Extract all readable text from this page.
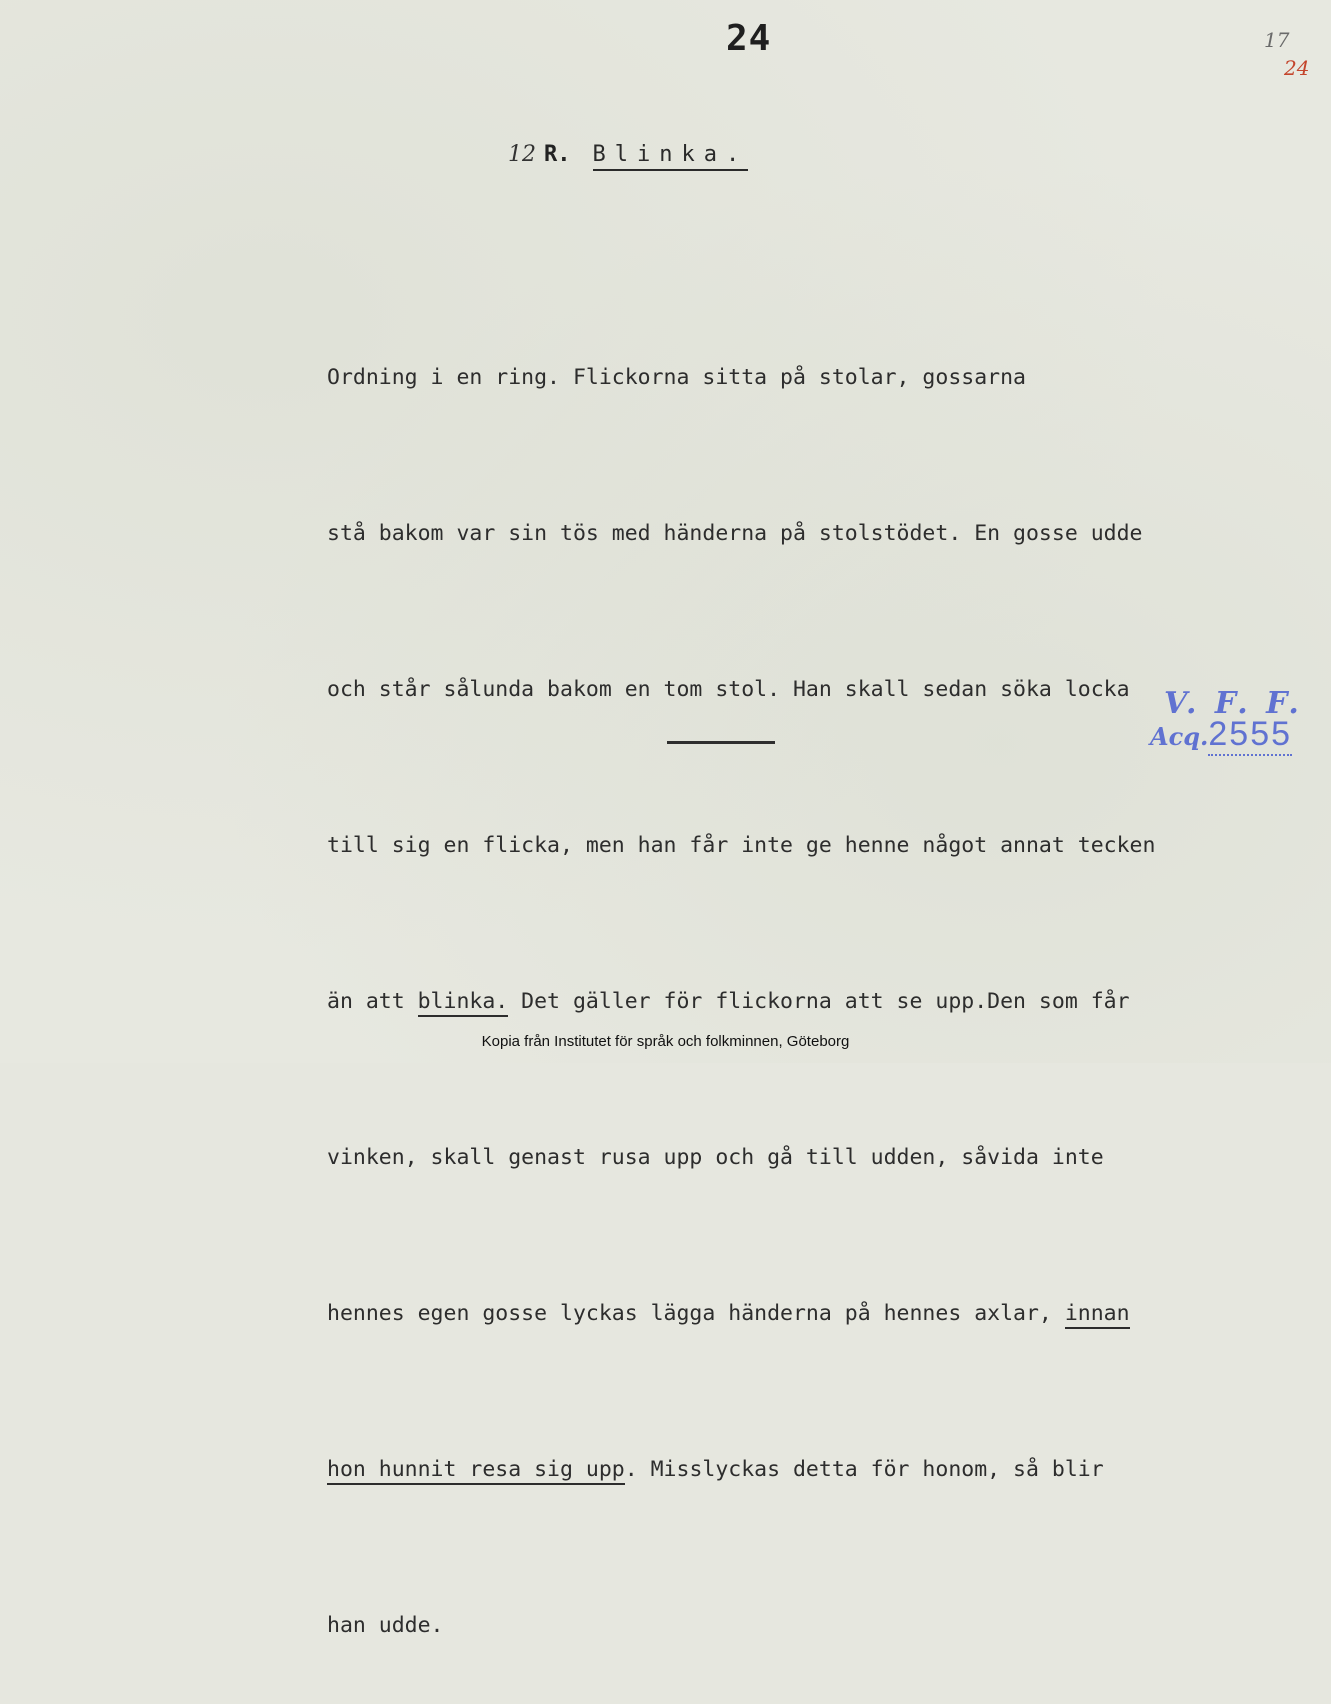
24	17
24
12 R. Blinka.

Ordning i en ring. Flickorna sitta på stolar, gossarna

stå bakom var sin tös med händerna på stolstödet. En gosse udde

och står sålunda bakom en tom stol. Han skall sedan söka locka

till sig en flicka, men han får inte ge henne något annat tecken

än att blinka. Det gäller för flickorna att se upp.Den som får

vinken, skall genast rusa upp och gå till udden, såvida inte

hennes egen gosse lyckas lägga händerna på hennes axlar, innan

hon hunnit resa sig upp. Misslyckas detta för honom, så blir

han udde.

V. F. F.
Acq. 2555
Kopia från Institutet för språk och folkminnen, Göteborg
